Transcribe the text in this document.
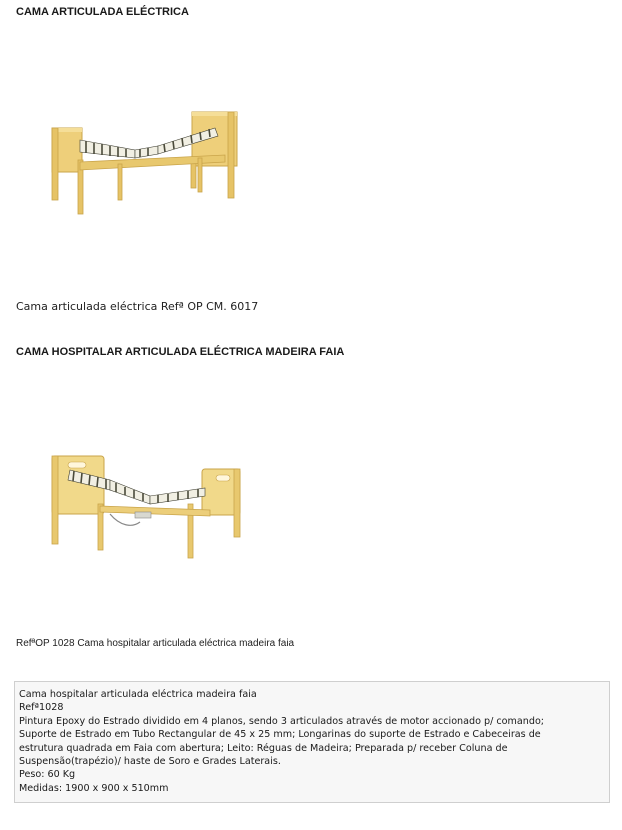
CAMA ARTICULADA ELÉCTRICA
Cama articulada eléctrica Refª OP CM. 6017
CAMA HOSPITALAR ARTICULADA ELÉCTRICA MADEIRA FAIA
RefªOP 1028 Cama hospitalar articulada eléctrica madeira faia
Cama hospitalar articulada eléctrica madeira faia
Refª1028
Pintura Epoxy do Estrado dividido em 4 planos, sendo 3 articulados através de motor accionado p/ comando;
Suporte de Estrado em Tubo Rectangular de 45 x 25 mm; Longarinas do suporte de Estrado e Cabeceiras de
estrutura quadrada em Faia com abertura; Leito: Réguas de Madeira; Preparada p/ receber Coluna de
Suspensão(trapézio)/ haste de Soro e Grades Laterais.
Peso: 60 Kg
Medidas: 1900 x 900 x 510mm
